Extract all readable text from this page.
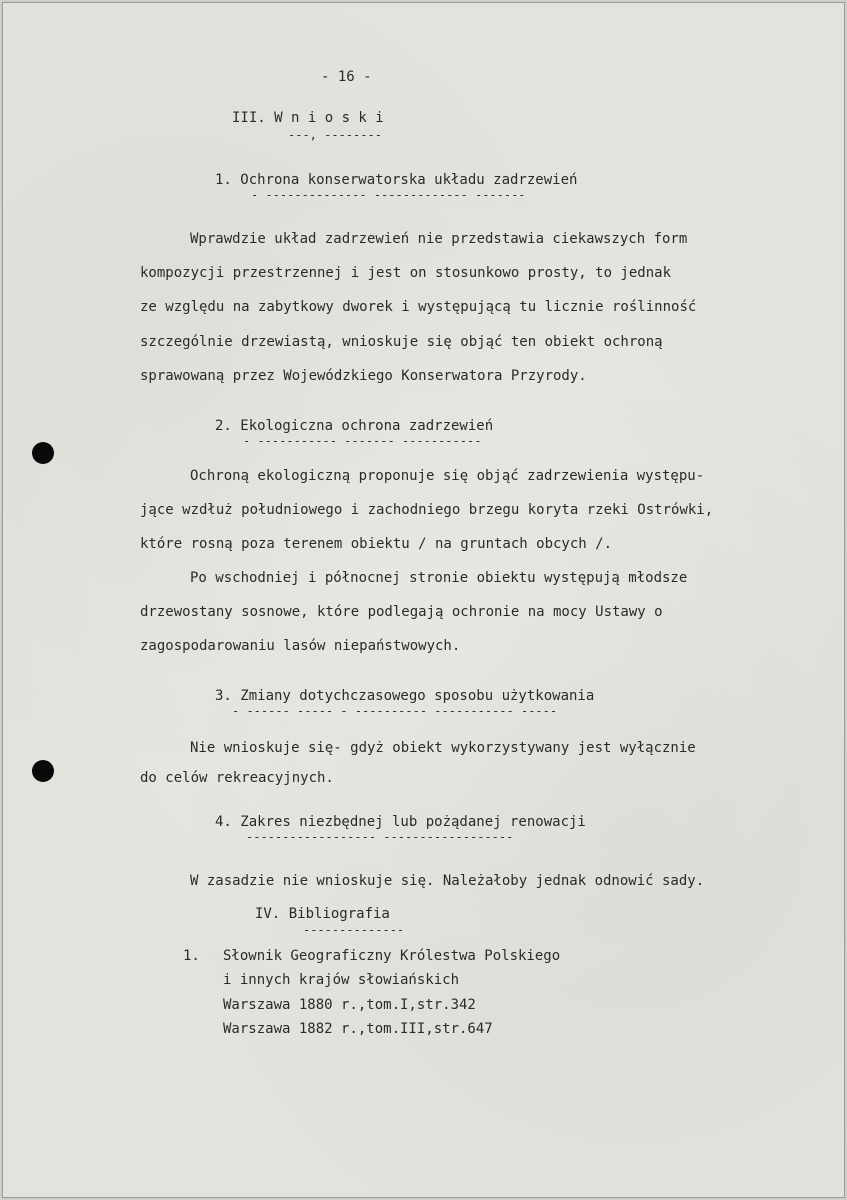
- 16 -

III. W n i o s k i

---, --------

1. Ochrona konserwatorska układu zadrzewień

- -------------- ------------- -------

Wprawdzie układ zadrzewień nie przedstawia ciekawszych form

kompozycji przestrzennej i jest on stosunkowo prosty, to jednak

ze względu na zabytkowy dworek i występującą tu licznie roślinność

szczególnie drzewiastą, wnioskuje się objąć ten obiekt ochroną

sprawowaną przez Wojewódzkiego Konserwatora Przyrody.

2. Ekologiczna ochrona zadrzewień

- ----------- ------- -----------

Ochroną ekologiczną proponuje się objąć zadrzewienia występu-

jące wzdłuż południowego i zachodniego brzegu koryta rzeki Ostrówki,

które rosną poza terenem obiektu / na gruntach obcych /.

Po wschodniej i północnej stronie obiektu występują młodsze

drzewostany sosnowe, które podlegają ochronie na mocy Ustawy o

zagospodarowaniu lasów niepaństwowych.

3. Zmiany dotychczasowego sposobu użytkowania

- ------ ----- - ---------- ----------- -----

Nie wnioskuje się- gdyż obiekt wykorzystywany jest wyłącznie

do celów rekreacyjnych.

4. Zakres niezbędnej lub pożądanej renowacji

------------------ ------------------

W zasadzie nie wnioskuje się. Należałoby jednak odnowić sady.

IV. Bibliografia

--------------

1. Słownik Geograficzny Królestwa Polskiego

i innych krajów słowiańskich

Warszawa 1880 r.,tom.I,str.342

Warszawa 1882 r.,tom.III,str.647
